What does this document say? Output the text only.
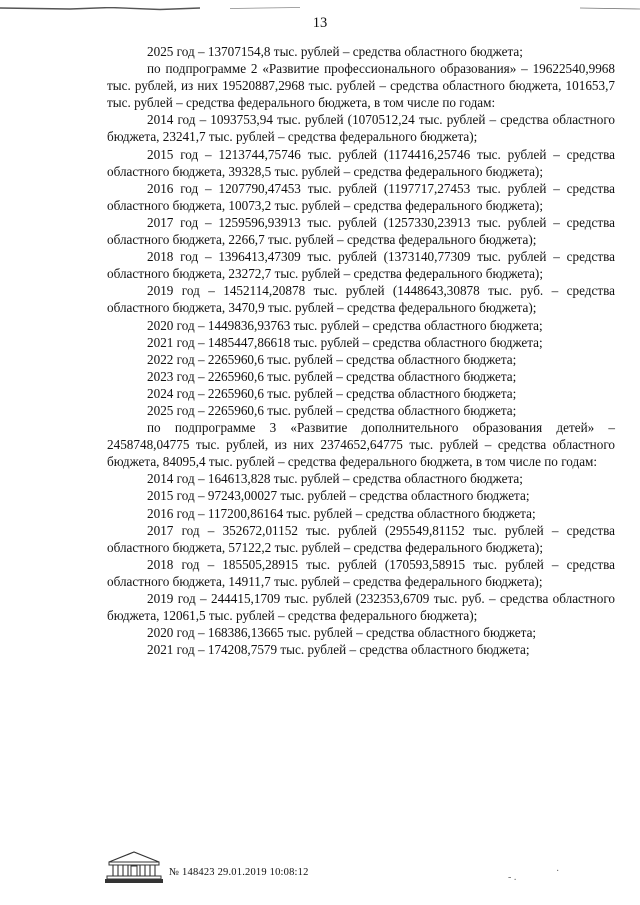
13

2025 год – 13707154,8 тыс. рублей – средства областного бюджета;

по подпрограмме 2 «Развитие профессионального образования» – 19622540,9968 тыс. рублей, из них 19520887,2968 тыс. рублей – средства областного бюджета, 101653,7 тыс. рублей – средства федерального бюджета, в том числе по годам:

2014 год – 1093753,94 тыс. рублей (1070512,24 тыс. рублей – средства областного бюджета, 23241,7 тыс. рублей – средства федерального бюджета);

2015 год – 1213744,75746 тыс. рублей (1174416,25746 тыс. рублей – средства областного бюджета, 39328,5 тыс. рублей – средства федерального бюджета);

2016 год – 1207790,47453 тыс. рублей (1197717,27453 тыс. рублей – средства областного бюджета, 10073,2 тыс. рублей – средства федерального бюджета);

2017 год – 1259596,93913 тыс. рублей (1257330,23913 тыс. рублей – средства областного бюджета, 2266,7 тыс. рублей – средства федерального бюджета);

2018 год – 1396413,47309 тыс. рублей (1373140,77309 тыс. рублей – средства областного бюджета, 23272,7 тыс. рублей – средства федерального бюджета);

2019 год – 1452114,20878 тыс. рублей (1448643,30878 тыс. руб. – средства областного бюджета, 3470,9 тыс. рублей – средства федерального бюджета);

2020 год – 1449836,93763 тыс. рублей – средства областного бюджета;

2021 год – 1485447,86618 тыс. рублей – средства областного бюджета;

2022 год – 2265960,6 тыс. рублей – средства областного бюджета;

2023 год – 2265960,6 тыс. рублей – средства областного бюджета;

2024 год – 2265960,6 тыс. рублей – средства областного бюджета;

2025 год – 2265960,6 тыс. рублей – средства областного бюджета;

по подпрограмме 3 «Развитие дополнительного образования детей» – 2458748,04775 тыс. рублей, из них 2374652,64775 тыс. рублей – средства областного бюджета, 84095,4 тыс. рублей – средства федерального бюджета, в том числе по годам:

2014 год – 164613,828 тыс. рублей – средства областного бюджета;

2015 год – 97243,00027 тыс. рублей – средства областного бюджета;

2016 год – 117200,86164 тыс. рублей – средства областного бюджета;

2017 год – 352672,01152 тыс. рублей (295549,81152 тыс. рублей – средства областного бюджета, 57122,2 тыс. рублей – средства федерального бюджета);

2018 год – 185505,28915 тыс. рублей (170593,58915 тыс. рублей – средства областного бюджета, 14911,7 тыс. рублей – средства федерального бюджета);

2019 год – 244415,1709 тыс. рублей (232353,6709 тыс. руб. – средства областного бюджета, 12061,5 тыс. рублей – средства федерального бюджета);

2020 год – 168386,13665 тыс. рублей – средства областного бюджета;

2021 год – 174208,7579 тыс. рублей – средства областного бюджета;

№ 148423 29.01.2019 10:08:12	- .
·
